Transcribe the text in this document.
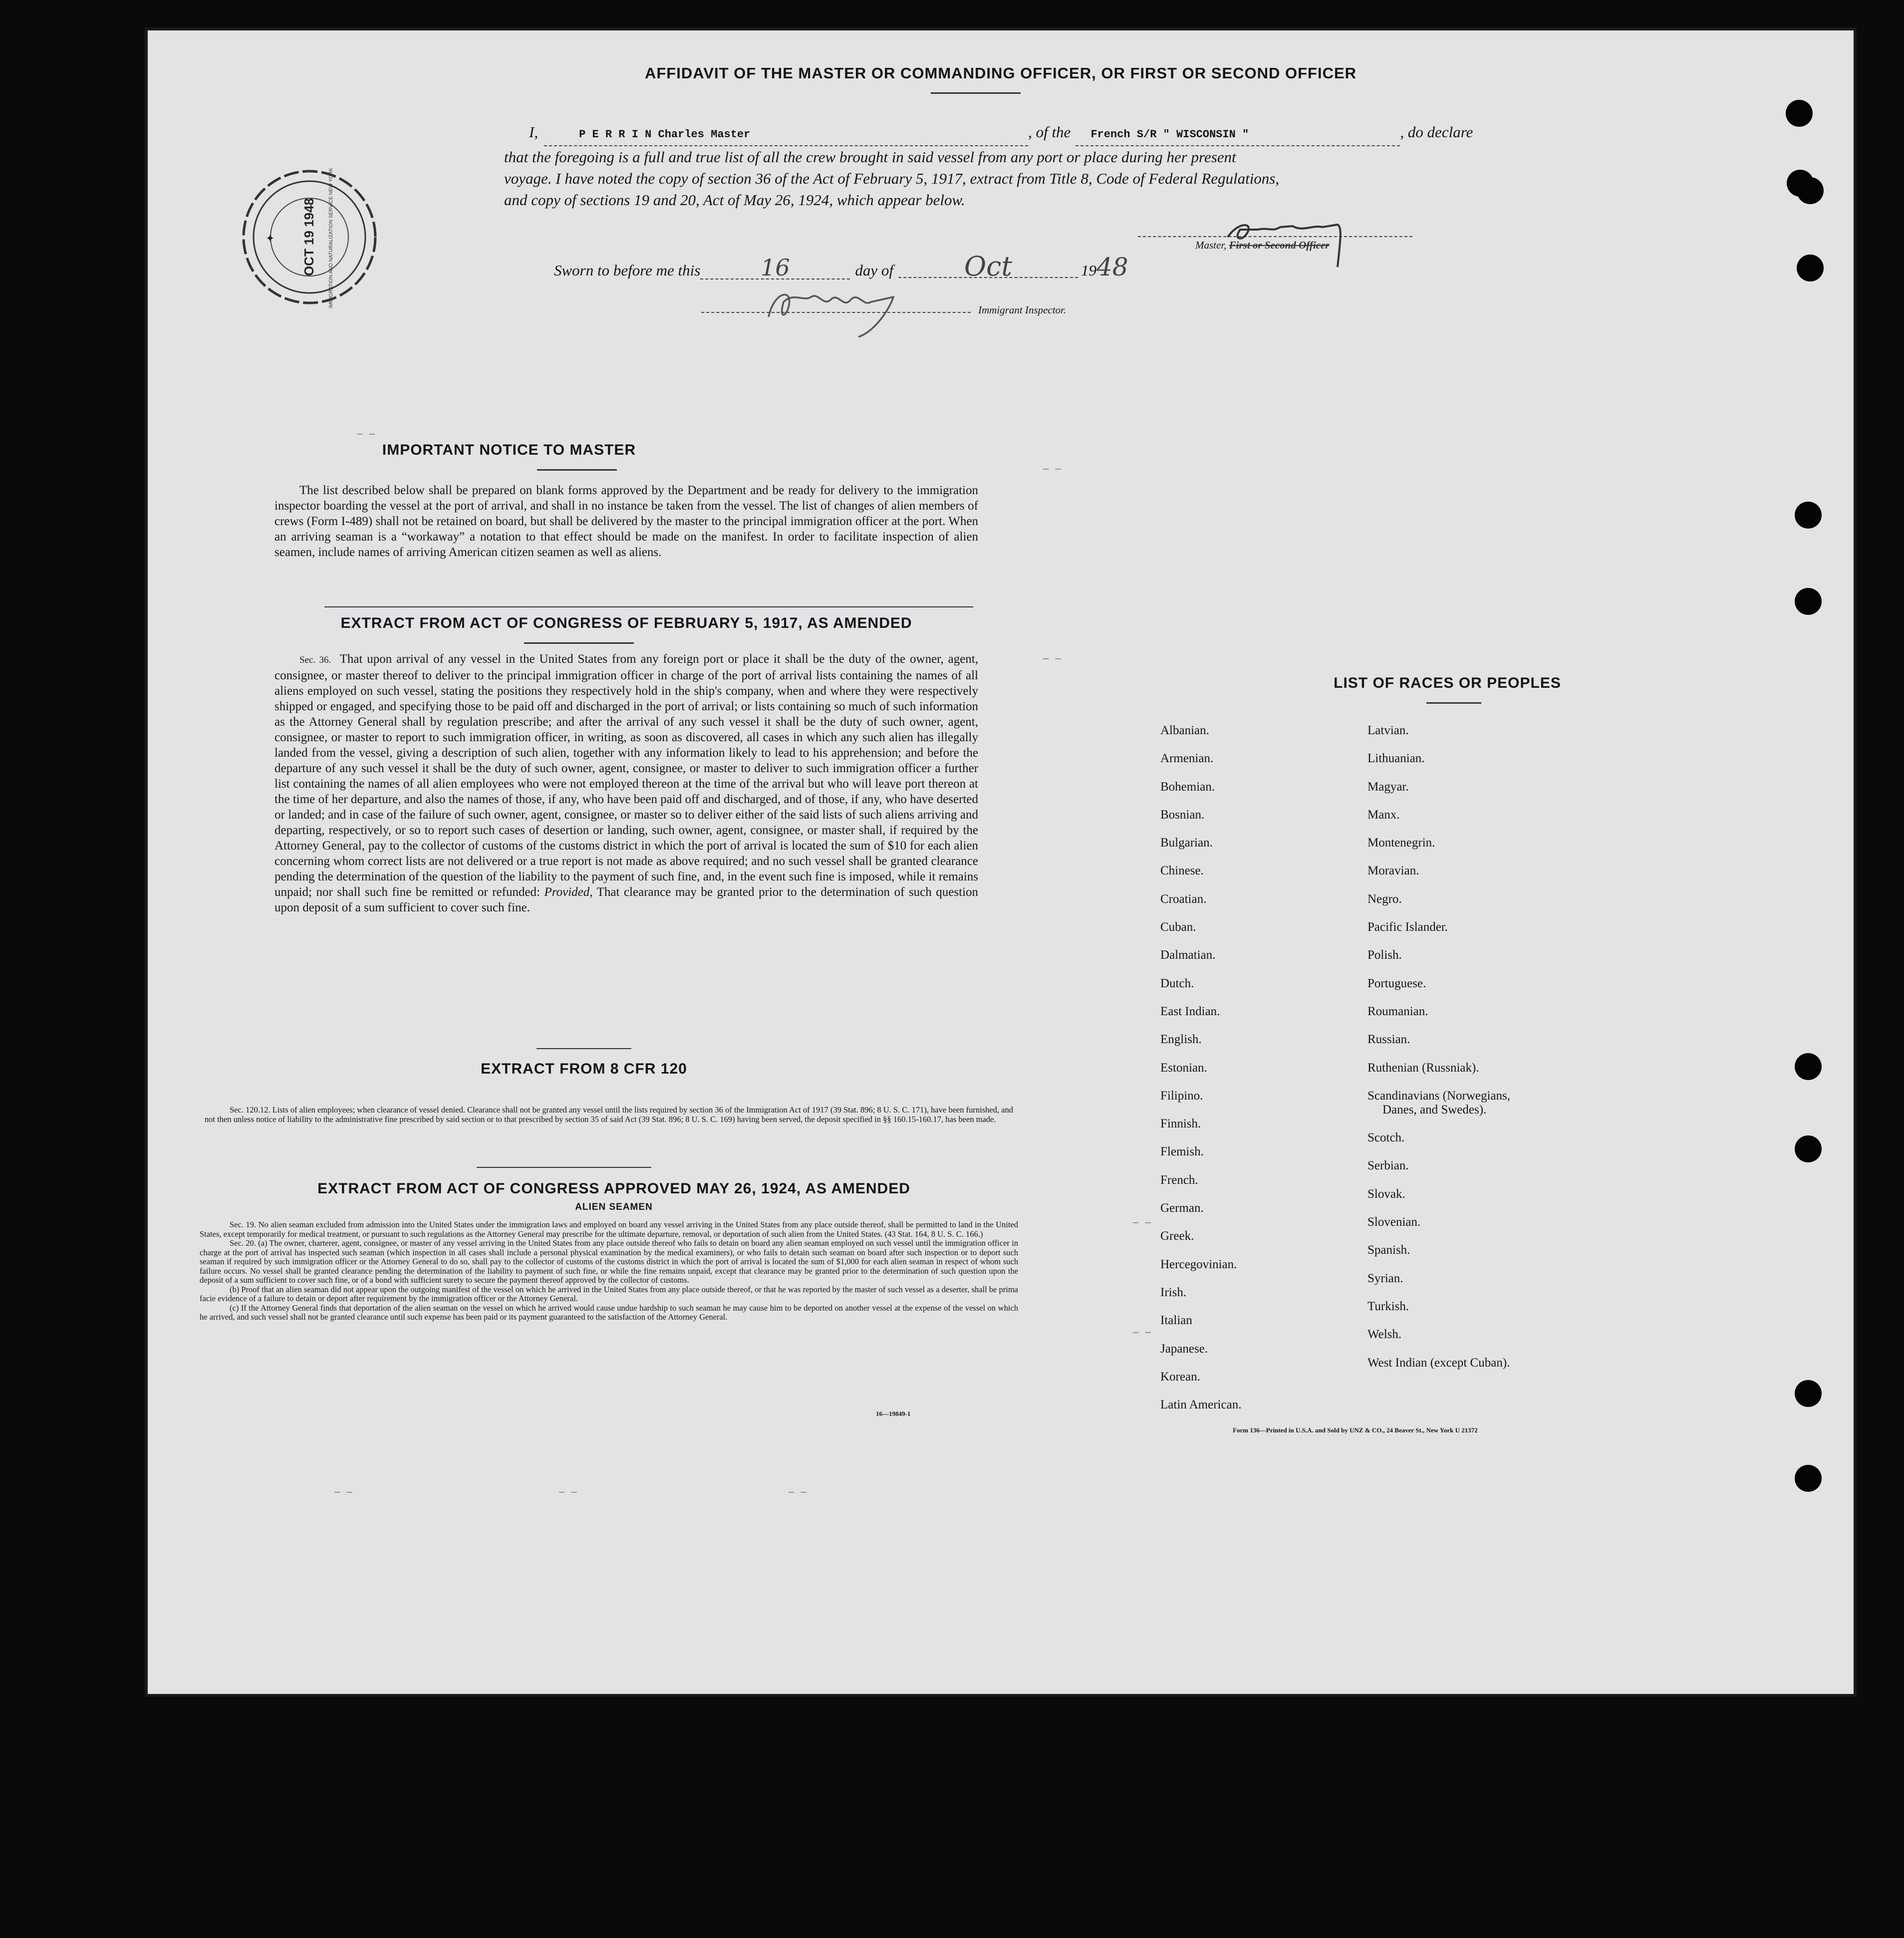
AFFIDAVIT OF THE MASTER OR COMMANDING OFFICER, OR FIRST OR SECOND OFFICER
I,	P E R R I N Charles Master	, of the	French S/R " WISCONSIN "	, do declare
that the foregoing is a full and true list of all the crew brought in said vessel from any port or place during her present
voyage. I have noted the copy of section 36 of the Act of February 5, 1917, extract from Title 8, Code of Federal Regulations,
and copy of sections 19 and 20, Act of May 26, 1924, which appear below.
Master, First or Second Officer
Sworn to before me this	16	day of	Oct	19 48
Immigrant Inspector.
OCT 19 1948 IMMIGRATION AND NATURALIZATION SERVICE NEW YORK
✦
IMPORTANT NOTICE TO MASTER
The list described below shall be prepared on blank forms approved by the Department and be ready for delivery to the immigration inspector boarding the vessel at the port of arrival, and shall in no instance be taken from the vessel. The list of changes of alien members of crews (Form I-489) shall not be retained on board, but shall be delivered by the master to the principal immigration officer at the port. When an arriving seaman is a “workaway” a notation to that effect should be made on the manifest. In order to facilitate inspection of alien seamen, include names of arriving American citizen seamen as well as aliens.
EXTRACT FROM ACT OF CONGRESS OF FEBRUARY 5, 1917, AS AMENDED
Sec. 36. That upon arrival of any vessel in the United States from any foreign port or place it shall be the duty of the owner, agent, consignee, or master thereof to deliver to the principal immigration officer in charge of the port of arrival lists containing the names of all aliens employed on such vessel, stating the positions they respectively hold in the ship's company, when and where they were respectively shipped or engaged, and specifying those to be paid off and discharged in the port of arrival; or lists containing so much of such information as the Attorney General shall by regulation prescribe; and after the arrival of any such vessel it shall be the duty of such owner, agent, consignee, or master to report to such immigration officer, in writing, as soon as discovered, all cases in which any such alien has illegally landed from the vessel, giving a description of such alien, together with any information likely to lead to his apprehension; and before the departure of any such vessel it shall be the duty of such owner, agent, consignee, or master to deliver to such immigration officer a further list containing the names of all alien employees who were not employed thereon at the time of the arrival but who will leave port thereon at the time of her departure, and also the names of those, if any, who have been paid off and discharged, and of those, if any, who have deserted or landed; and in case of the failure of such owner, agent, consignee, or master so to deliver either of the said lists of such aliens arriving and departing, respectively, or so to report such cases of desertion or landing, such owner, agent, consignee, or master shall, if required by the Attorney General, pay to the collector of customs of the customs district in which the port of arrival is located the sum of $10 for each alien concerning whom correct lists are not delivered or a true report is not made as above required; and no such vessel shall be granted clearance pending the determination of the question of the liability to the payment of such fine, and, in the event such fine is imposed, while it remains unpaid; nor shall such fine be remitted or refunded: Provided, That clearance may be granted prior to the determination of such question upon deposit of a sum sufficient to cover such fine.
EXTRACT FROM 8 CFR 120
Sec. 120.12. Lists of alien employees; when clearance of vessel denied. Clearance shall not be granted any vessel until the lists required by section 36 of the Immigration Act of 1917 (39 Stat. 896; 8 U. S. C. 171), have been furnished, and not then unless notice of liability to the administrative fine prescribed by said section or to that prescribed by section 35 of said Act (39 Stat. 896; 8 U. S. C. 169) having been served, the deposit specified in §§ 160.15-160.17, has been made.
EXTRACT FROM ACT OF CONGRESS APPROVED MAY 26, 1924, AS AMENDED
ALIEN SEAMEN
Sec. 19. No alien seaman excluded from admission into the United States under the immigration laws and employed on board any vessel arriving in the United States from any place outside thereof, shall be permitted to land in the United States, except temporarily for medical treatment, or pursuant to such regulations as the Attorney General may prescribe for the ultimate departure, removal, or deportation of such alien from the United States. (43 Stat. 164, 8 U. S. C. 166.)
Sec. 20. (a) The owner, charterer, agent, consignee, or master of any vessel arriving in the United States from any place outside thereof who fails to detain on board any alien seaman employed on such vessel until the immigration officer in charge at the port of arrival has inspected such seaman (which inspection in all cases shall include a personal physical examination by the medical examiners), or who fails to detain such seaman on board after such inspection or to deport such seaman if required by such immigration officer or the Attorney General to do so, shall pay to the collector of customs of the customs district in which the port of arrival is located the sum of $1,000 for each alien seaman in respect of whom such failure occurs. No vessel shall be granted clearance pending the determination of the liability to payment of such fine, or while the fine remains unpaid, except that clearance may be granted prior to the determination of such question upon the deposit of a sum sufficient to cover such fine, or of a bond with sufficient surety to secure the payment thereof approved by the collector of customs.
(b) Proof that an alien seaman did not appear upon the outgoing manifest of the vessel on which he arrived in the United States from any place outside thereof, or that he was reported by the master of such vessel as a deserter, shall be prima facie evidence of a failure to detain or deport after requirement by the immigration officer or the Attorney General.
(c) If the Attorney General finds that deportation of the alien seaman on the vessel on which he arrived would cause undue hardship to such seaman he may cause him to be deported on another vessel at the expense of the vessel on which he arrived, and such vessel shall not be granted clearance until such expense has been paid or its payment guaranteed to the satisfaction of the Attorney General.
16—19849-1
LIST OF RACES OR PEOPLES
Albanian.
Armenian.
Bohemian.
Bosnian.
Bulgarian.
Chinese.
Croatian.
Cuban.
Dalmatian.
Dutch.
East Indian.
English.
Estonian.
Filipino.
Finnish.
Flemish.
French.
German.
Greek.
Hercegovinian.
Irish.
Italian
Japanese.
Korean.
Latin American.
Latvian.
Lithuanian.
Magyar.
Manx.
Montenegrin.
Moravian.
Negro.
Pacific Islander.
Polish.
Portuguese.
Roumanian.
Russian.
Ruthenian (Russniak).
Scandinavians (Norwegians,
Danes, and Swedes).
Scotch.
Serbian.
Slovak.
Slovenian.
Spanish.
Syrian.
Turkish.
Welsh.
West Indian (except Cuban).
Form 136—Printed in U.S.A. and Sold by UNZ & CO., 24 Beaver St., New York U 21372
– –
– –
– –
– –
– –
– –	– –	– –
